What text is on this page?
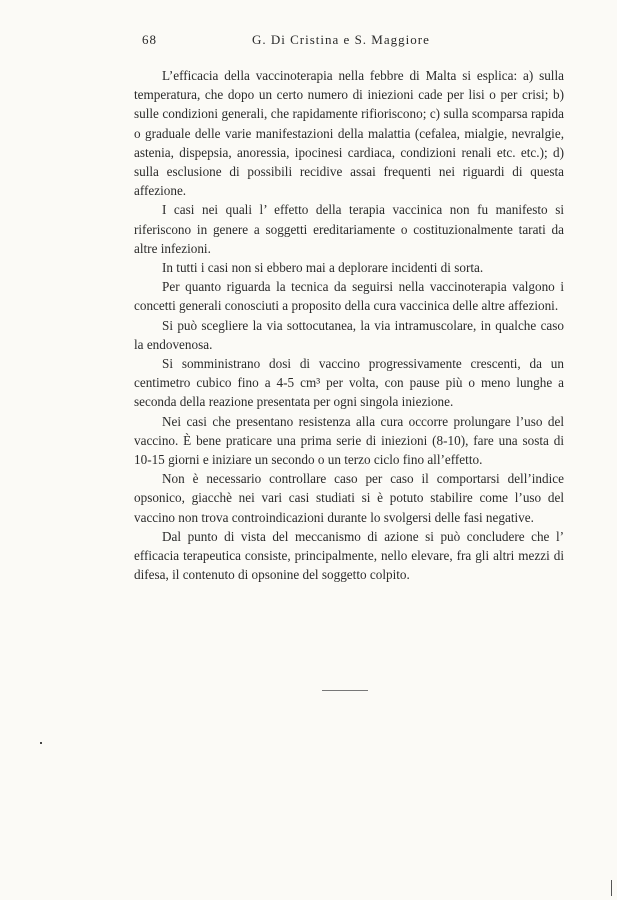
68	G. Di Cristina e S. Maggiore

L’efficacia della vaccinoterapia nella febbre di Malta si esplica: a) sulla temperatura, che dopo un certo numero di iniezioni cade per lisi o per crisi; b) sulle condizioni generali, che rapidamente rifioriscono; c) sulla scomparsa rapida o graduale delle varie manifestazioni della malattia (cefalea, mialgie, nevralgie, astenia, dispepsia, anoressia, ipocinesi cardiaca, condizioni renali etc. etc.); d) sulla esclusione di possibili recidive assai frequenti nei riguardi di questa affezione.

I casi nei quali l’ effetto della terapia vaccinica non fu manifesto si riferiscono in genere a soggetti ereditariamente o costituzionalmente tarati da altre infezioni.

In tutti i casi non si ebbero mai a deplorare incidenti di sorta.

Per quanto riguarda la tecnica da seguirsi nella vaccinoterapia valgono i concetti generali conosciuti a proposito della cura vaccinica delle altre affezioni.

Si può scegliere la via sottocutanea, la via intramuscolare, in qualche caso la endovenosa.

Si somministrano dosi di vaccino progressivamente crescenti, da un centimetro cubico fino a 4-5 cm³ per volta, con pause più o meno lunghe a seconda della reazione presentata per ogni singola iniezione.

Nei casi che presentano resistenza alla cura occorre prolungare l’uso del vaccino. È bene praticare una prima serie di iniezioni (8-10), fare una sosta di 10-15 giorni e iniziare un secondo o un terzo ciclo fino all’effetto.

Non è necessario controllare caso per caso il comportarsi dell’indice opsonico, giacchè nei vari casi studiati si è potuto stabilire come l’uso del vaccino non trova controindicazioni durante lo svolgersi delle fasi negative.

Dal punto di vista del meccanismo di azione si può concludere che l’ efficacia terapeutica consiste, principalmente, nello elevare, fra gli altri mezzi di difesa, il contenuto di opsonine del soggetto colpito.
